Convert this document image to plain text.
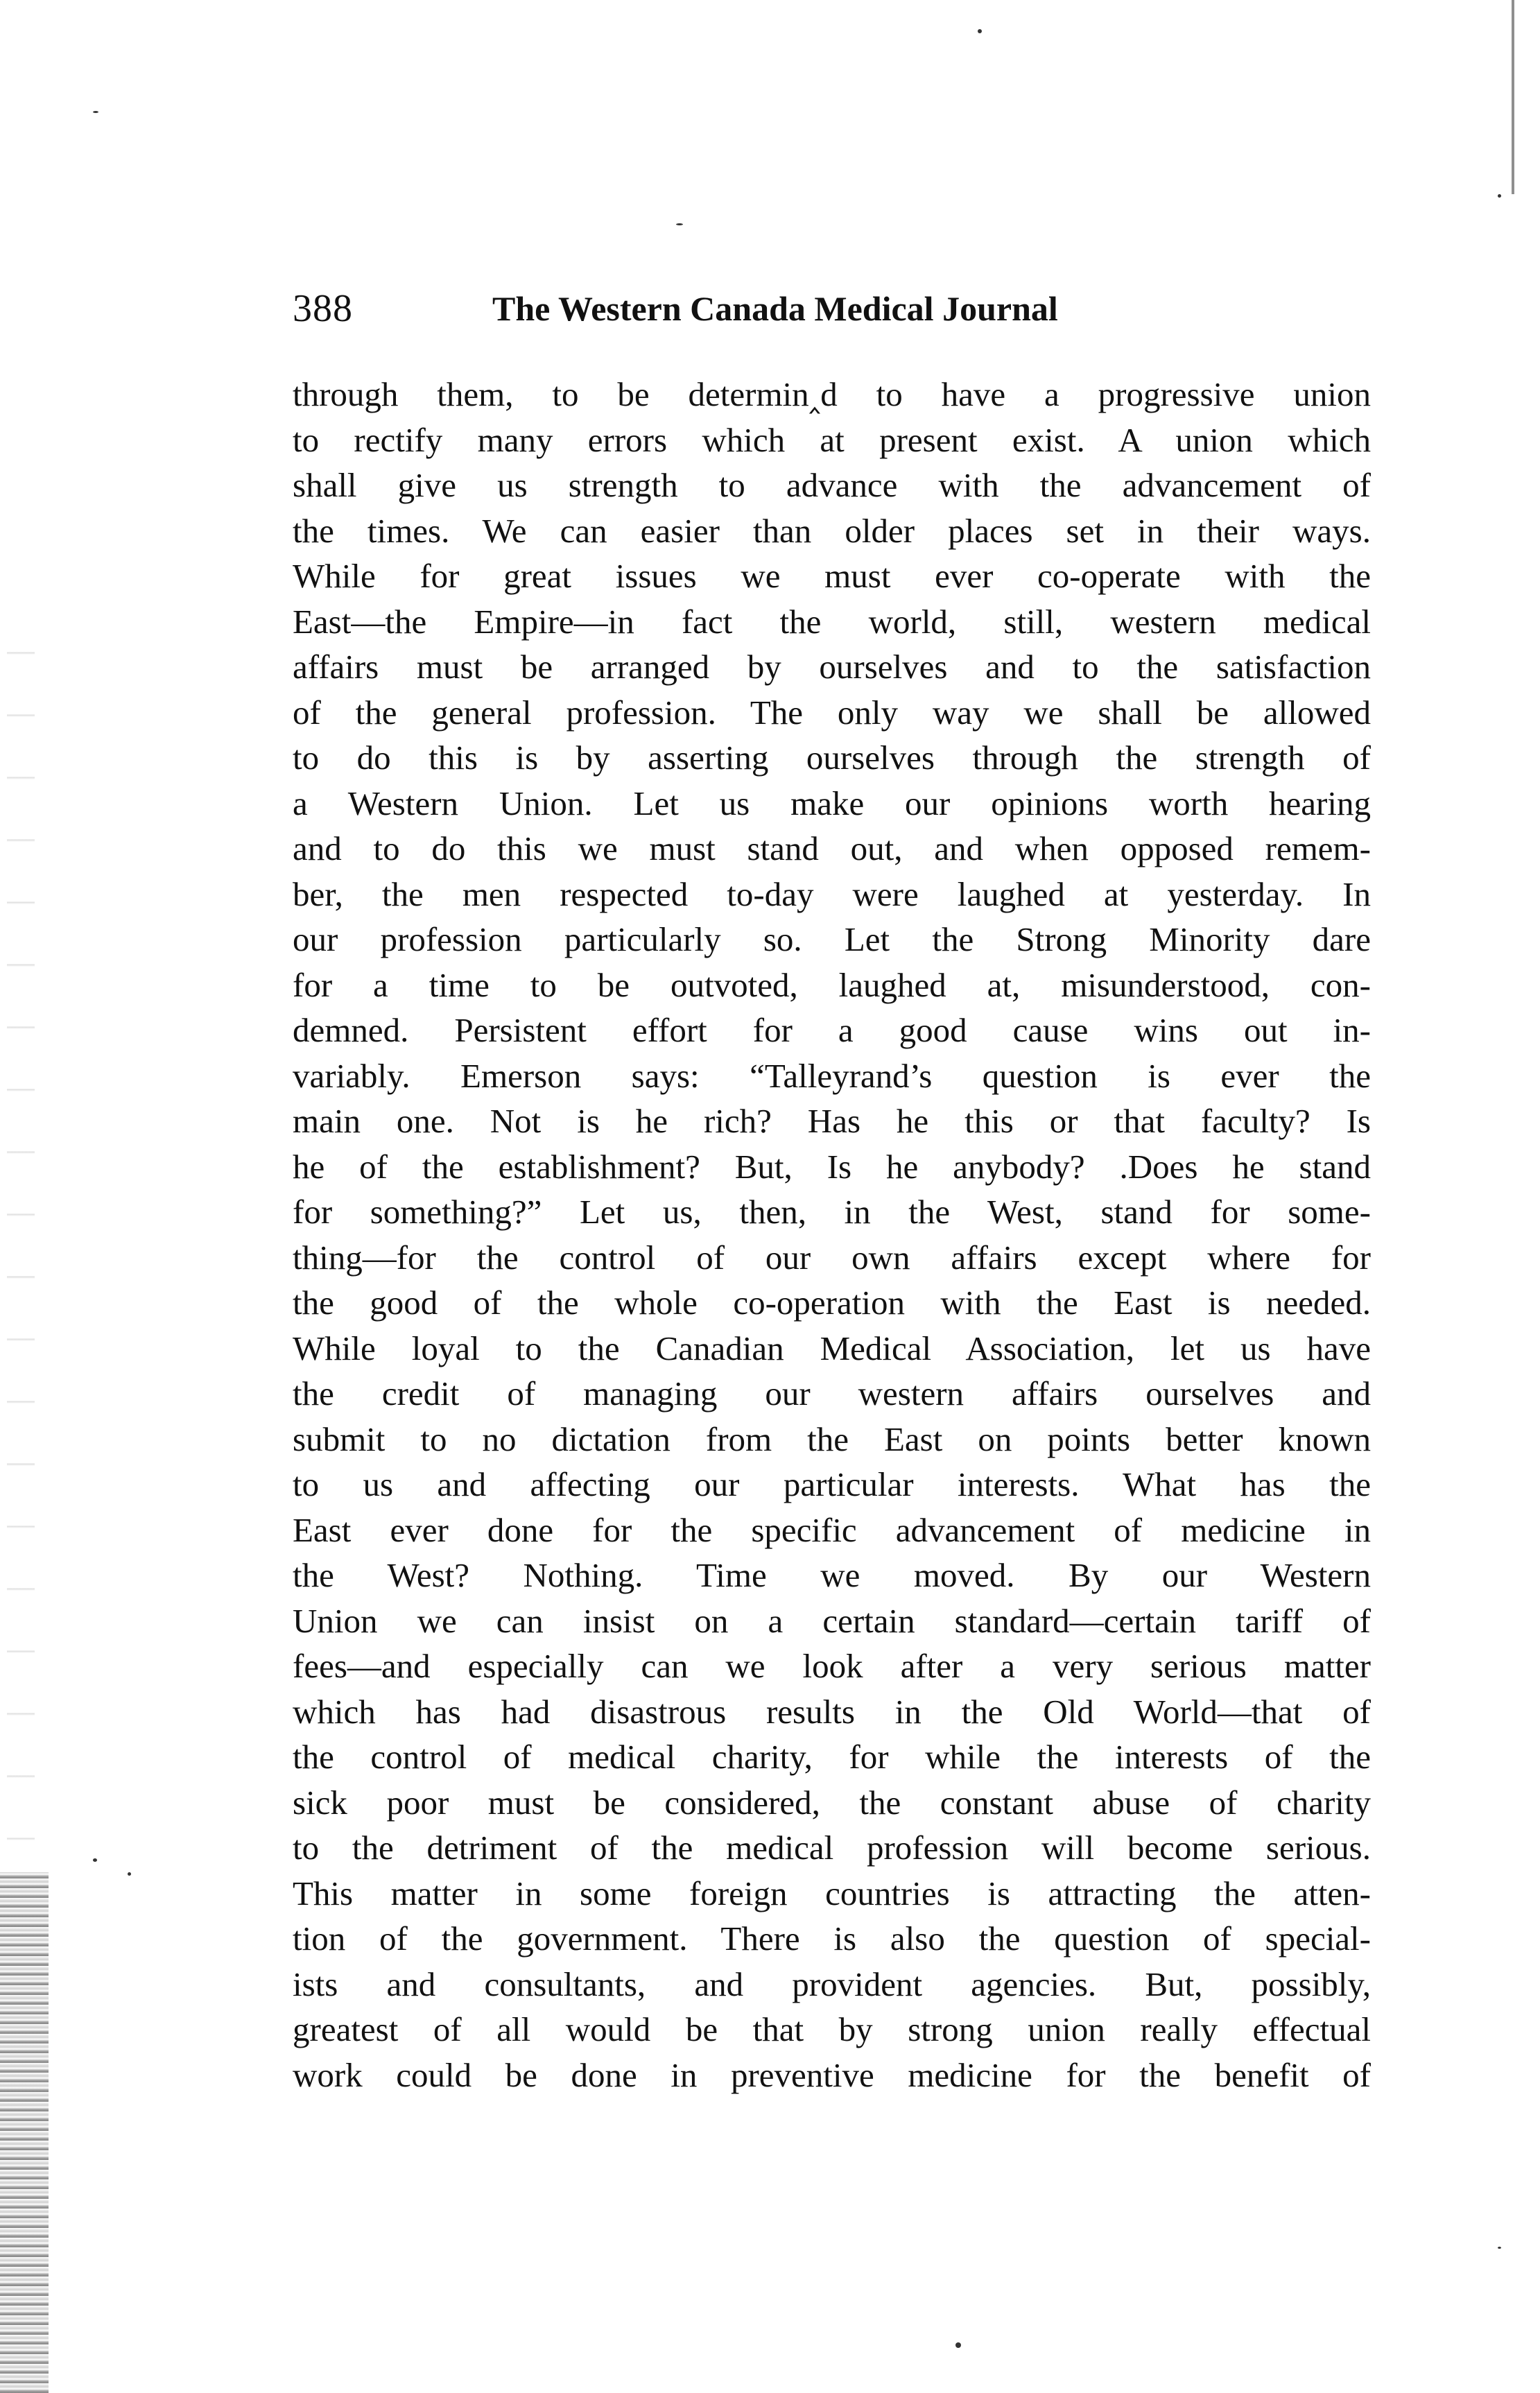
388	The Western Canada Medical Journal
through them, to be determin‸d to have a progressive union
to rectify many errors which at present exist. A union which
shall give us strength to advance with the advancement of
the times. We can easier than older places set in their ways.
While for great issues we must ever co-operate with the
East—the Empire—in fact the world, still, western medical
affairs must be arranged by ourselves and to the satisfaction
of the general profession. The only way we shall be allowed
to do this is by asserting ourselves through the strength of
a Western Union. Let us make our opinions worth hearing
and to do this we must stand out, and when opposed remem-
ber, the men respected to-day were laughed at yesterday. In
our profession particularly so. Let the Strong Minority dare
for a time to be outvoted, laughed at, misunderstood, con-
demned. Persistent effort for a good cause wins out in-
variably. Emerson says: “Talleyrand’s question is ever the
main one. Not is he rich? Has he this or that faculty? Is
he of the establishment? But, Is he anybody? .Does he stand
for something?” Let us, then, in the West, stand for some-
thing—for the control of our own affairs except where for
the good of the whole co-operation with the East is needed.
While loyal to the Canadian Medical Association, let us have
the credit of managing our western affairs ourselves and
submit to no dictation from the East on points better known
to us and affecting our particular interests. What has the
East ever done for the specific advancement of medicine in
the West? Nothing. Time we moved. By our Western
Union we can insist on a certain standard—certain tariff of
fees—and especially can we look after a very serious matter
which has had disastrous results in the Old World—that of
the control of medical charity, for while the interests of the
sick poor must be considered, the constant abuse of charity
to the detriment of the medical profession will become serious.
This matter in some foreign countries is attracting the atten-
tion of the government. There is also the question of special-
ists and consultants, and provident agencies. But, possibly,
greatest of all would be that by strong union really effectual
work could be done in preventive medicine for the benefit of
